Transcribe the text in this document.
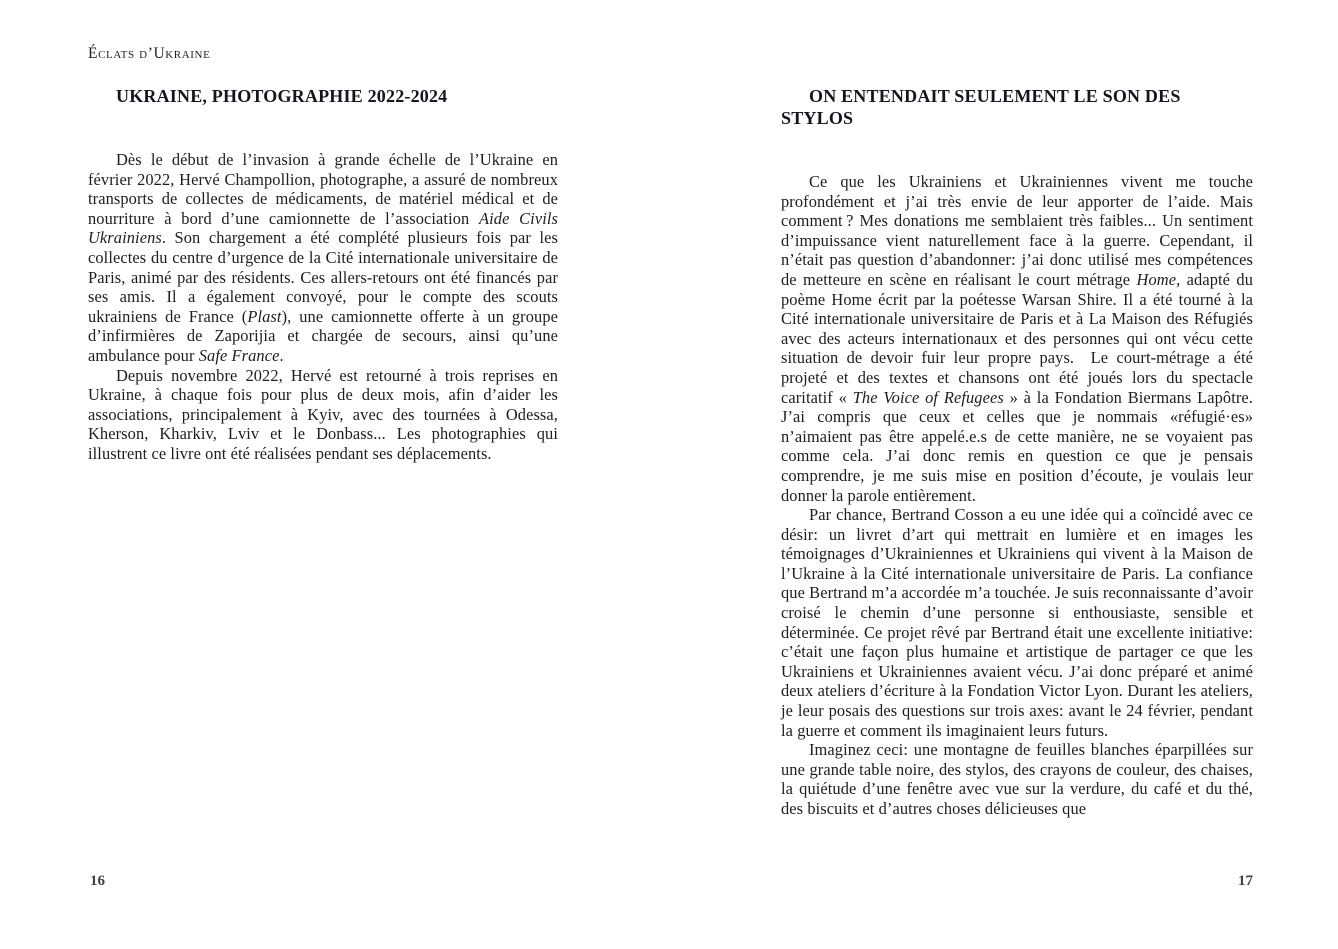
Éclats d’Ukraine
UKRAINE, PHOTOGRAPHIE 2022-2024

Dès le début de l’invasion à grande échelle de l’Ukraine en février 2022, Hervé Champollion, photographe, a assuré de nombreux transports de collectes de médicaments, de matériel médical et de nourriture à bord d’une camionnette de l’association Aide Civils Ukrainiens. Son chargement a été complété plusieurs fois par les collectes du centre d’urgence de la Cité internationale universitaire de Paris, animé par des résidents. Ces allers-retours ont été financés par ses amis. Il a également convoyé, pour le compte des scouts ukrainiens de France (Plast), une camionnette offerte à un groupe d’infirmières de Zaporijia et chargée de secours, ainsi qu’une ambulance pour Safe France.

Depuis novembre 2022, Hervé est retourné à trois reprises en Ukraine, à chaque fois pour plus de deux mois, afin d’aider les associations, principalement à Kyiv, avec des tournées à Odessa, Kherson, Kharkiv, Lviv et le Donbass... Les photographies qui illustrent ce livre ont été réalisées pendant ses déplacements.

16
ON ENTENDAIT SEULEMENT LE SON DES STYLOS

Ce que les Ukrainiens et Ukrainiennes vivent me touche profondément et j’ai très envie de leur apporter de l’aide. Mais comment ? Mes donations me semblaient très faibles... Un sentiment d’impuissance vient naturellement face à la guerre. Cependant, il n’était pas question d’abandonner: j’ai donc utilisé mes compétences de metteure en scène en réalisant le court métrage Home, adapté du poème Home écrit par la poétesse Warsan Shire. Il a été tourné à la Cité internationale universitaire de Paris et à La Maison des Réfugiés avec des acteurs internationaux et des personnes qui ont vécu cette situation de devoir fuir leur propre pays.  Le court-métrage a été projeté et des textes et chansons ont été joués lors du spectacle caritatif « The Voice of Refugees » à la Fondation Biermans Lapôtre. J’ai compris que ceux et celles que je nommais «réfugié·es» n’aimaient pas être appelé.e.s de cette manière, ne se voyaient pas comme cela. J’ai donc remis en question ce que je pensais comprendre, je me suis mise en position d’écoute, je voulais leur donner la parole entièrement.

Par chance, Bertrand Cosson a eu une idée qui a coïncidé avec ce désir: un livret d’art qui mettrait en lumière et en images les témoignages d’Ukrainiennes et Ukrainiens qui vivent à la Maison de l’Ukraine à la Cité internationale universitaire de Paris. La confiance que Bertrand m’a accordée m’a touchée. Je suis reconnaissante d’avoir croisé le chemin d’une personne si enthousiaste, sensible et déterminée. Ce projet rêvé par Bertrand était une excellente initiative: c’était une façon plus humaine et artistique de partager ce que les Ukrainiens et Ukrainiennes avaient vécu. J’ai donc préparé et animé deux ateliers d’écriture à la Fondation Victor Lyon. Durant les ateliers, je leur posais des questions sur trois axes: avant le 24 février, pendant la guerre et comment ils imaginaient leurs futurs.

Imaginez ceci: une montagne de feuilles blanches éparpillées sur une grande table noire, des stylos, des crayons de couleur, des chaises, la quiétude d’une fenêtre avec vue sur la verdure, du café et du thé, des biscuits et d’autres choses délicieuses que

17
